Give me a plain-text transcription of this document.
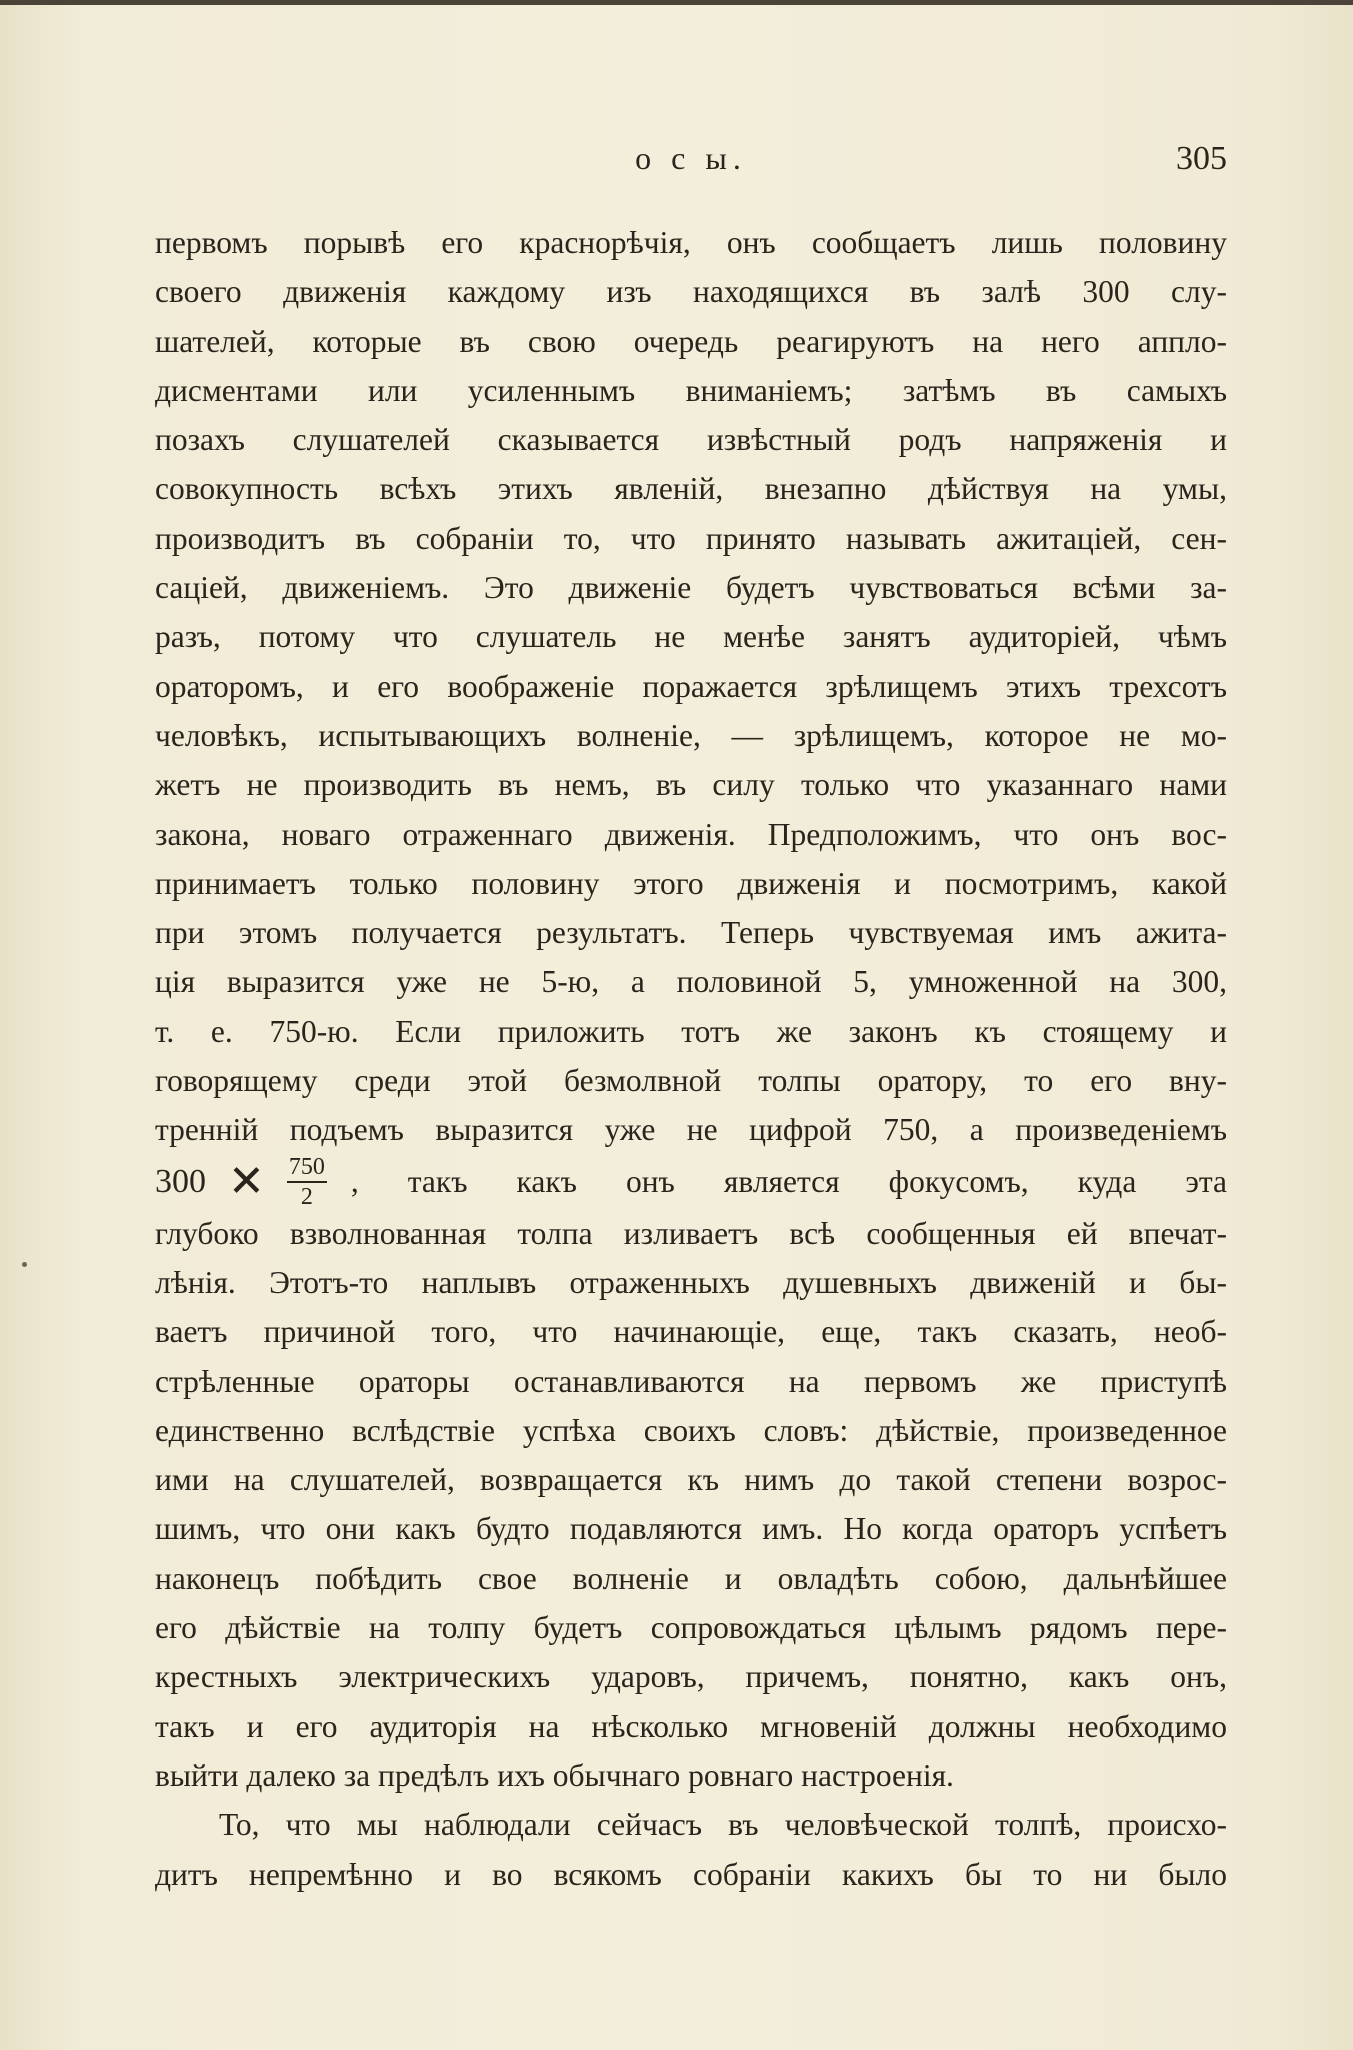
о с ы.	305
первомъ порывѣ его краснорѣчія, онъ сообщаетъ лишь половину
своего движенія каждому изъ находящихся въ залѣ 300 слу-
шателей, которые въ свою очередь реагируютъ на него аппло-
дисментами или усиленнымъ вниманіемъ; затѣмъ въ самыхъ
позахъ слушателей сказывается извѣстный родъ напряженія и
совокупность всѣхъ этихъ явленій, внезапно дѣйствуя на умы,
производитъ въ собраніи то, что принято называть ажитаціей, сен-
саціей, движеніемъ. Это движеніе будетъ чувствоваться всѣми за-
разъ, потому что слушатель не менѣе занятъ аудиторіей, чѣмъ
ораторомъ, и его воображеніе поражается зрѣлищемъ этихъ трехсотъ
человѣкъ, испытывающихъ волненіе, — зрѣлищемъ, которое не мо-
жетъ не производить въ немъ, въ силу только что указаннаго нами
закона, новаго отраженнаго движенія. Предположимъ, что онъ вос-
принимаетъ только половину этого движенія и посмотримъ, какой
при этомъ получается результатъ. Теперь чувствуемая имъ ажита-
ція выразится уже не 5-ю, а половиной 5, умноженной на 300,
т. е. 750-ю. Если приложить тотъ же законъ къ стоящему и
говорящему среди этой безмолвной толпы оратору, то его вну-
тренній подъемъ выразится уже не цифрой 750, а произведеніемъ
300 ✕ $\frac{750}{2}$ , такъ какъ онъ является фокусомъ, куда эта
глубоко взволнованная толпа изливаетъ всѣ сообщенныя ей впечат-
лѣнія. Этотъ-то наплывъ отраженныхъ душевныхъ движеній и бы-
ваетъ причиной того, что начинающіе, еще, такъ сказать, необ-
стрѣленные ораторы останавливаются на первомъ же приступѣ
единственно вслѣдствіе успѣха своихъ словъ: дѣйствіе, произведенное
ими на слушателей, возвращается къ нимъ до такой степени возрос-
шимъ, что они какъ будто подавляются имъ. Но когда ораторъ успѣетъ
наконецъ побѣдить свое волненіе и овладѣть собою, дальнѣйшее
его дѣйствіе на толпу будетъ сопровождаться цѣлымъ рядомъ пере-
крестныхъ электрическихъ ударовъ, причемъ, понятно, какъ онъ,
такъ и его аудиторія на нѣсколько мгновеній должны необходимо
выйти далеко за предѣлъ ихъ обычнаго ровнаго настроенія.
То, что мы наблюдали сейчасъ въ человѣческой толпѣ, происхо-
дитъ непремѣнно и во всякомъ собраніи какихъ бы то ни было
